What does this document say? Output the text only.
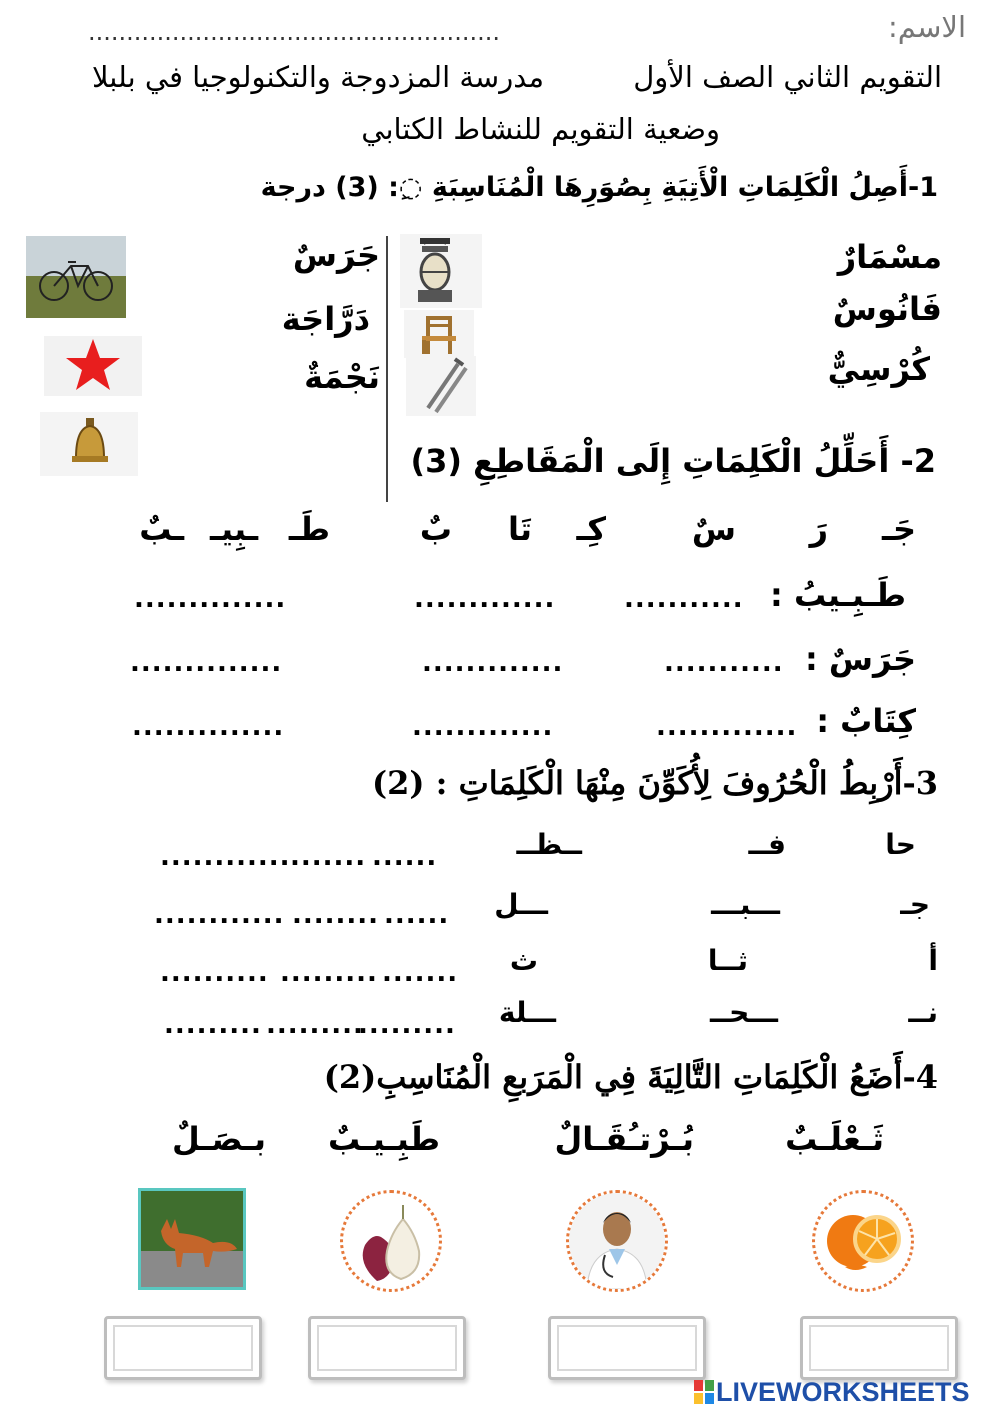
الاسم:
......................................................
التقويم الثاني الصف الأول
مدرسة المزدوجة والتكنولوجيا في بلبلا
وضعية التقويم للنشاط الكتابي
1-أَصِلُ الْكَلِمَاتِ الْأَتِيَةِ بِصُوَرِهَا الْمُنَاسِبَةِ ◌ِ: (3) درجة
مسْمَارٌ
فَانُوسٌ
كُرْسِيٌّ
جَرَسٌ
دَرَّاجَة
نَجْمَةٌ
2- أَحَلِّلُ الْكَلِمَاتِ إِلَى الْمَقَاطِعِ (3)
جَـ
رَ
سٌ
كِـ
تَا
بٌ
طَـ
ـبِيـ
ـبٌ
طَـبِـيبُ :
...........
.............
..............
جَرَسٌ :
...........
.............
..............
كِتَابٌ :
.............
.............
..............
3-أَرْبِطُ الْحُرُوفَ لِأُكَوِّنَ مِنْهَا الْكَلِمَاتِ : (2)
حا
فــ
ــظــ
......
.......
............
جـ
ـــبـــ
ـــل
......
........
............
أ
ثــا
ث
.......
.........
..........
نــ
ـــحــ
ـــلة
.........
.........
.........
4-أَضَعُ الْكَلِمَاتِ التَّالِيَةَ فِي الْمَرَبعِ الْمُنَاسِبِ(2)
ثَـعْلَـبٌ
بُـرْتـُقَـالٌ
طَبِـيـبٌ
بـصَـلٌ
LIVEWORKSHEETS
